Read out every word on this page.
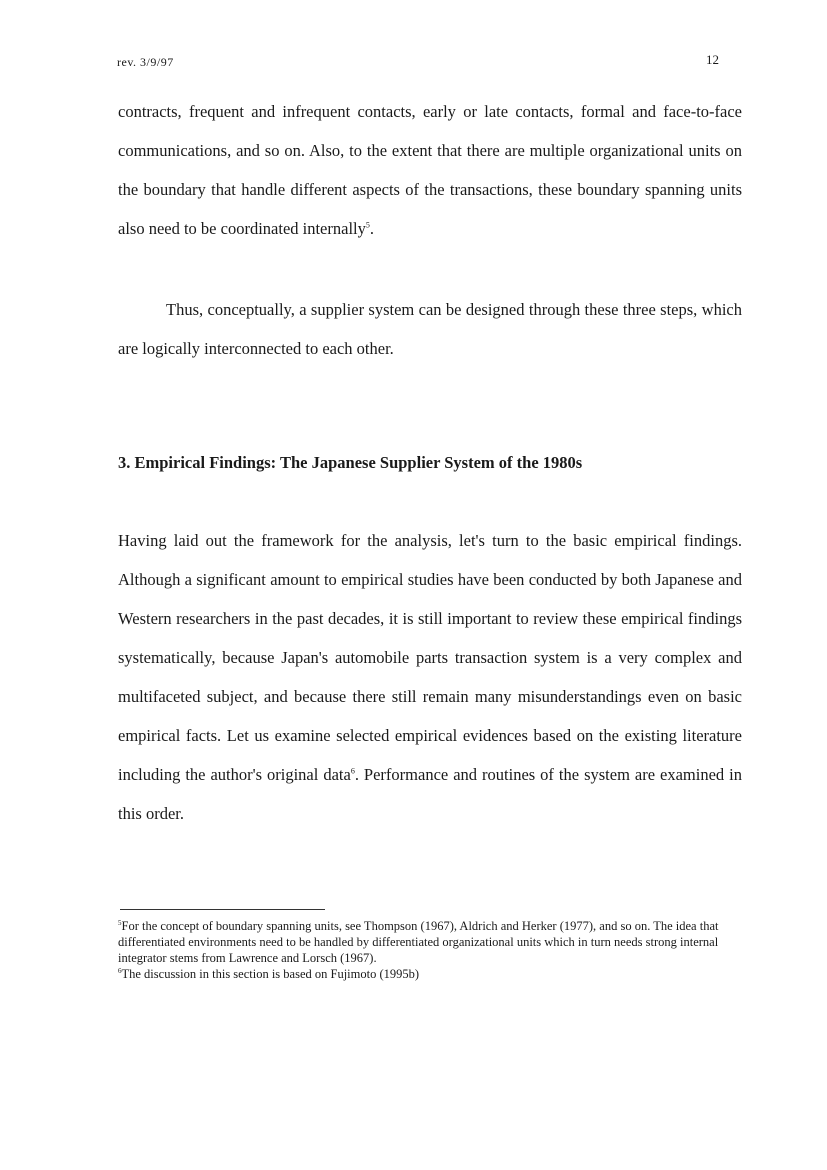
rev. 3/9/97	12

contracts, frequent and infrequent contacts, early or late contacts, formal and face-to-face communications, and so on. Also, to the extent that there are multiple organizational units on the boundary that handle different aspects of the transactions, these boundary spanning units also need to be coordinated internally$^5$.

Thus, conceptually, a supplier system can be designed through these three steps, which are logically interconnected to each other.

3. Empirical Findings: The Japanese Supplier System of the 1980s

Having laid out the framework for the analysis, let's turn to the basic empirical findings. Although a significant amount to empirical studies have been conducted by both Japanese and Western researchers in the past decades, it is still important to review these empirical findings systematically, because Japan's automobile parts transaction system is a very complex and multifaceted subject, and because there still remain many misunderstandings even on basic empirical facts. Let us examine selected empirical evidences based on the existing literature including the author's original data$^6$. Performance and routines of the system are examined in this order.

$^5$For the concept of boundary spanning units, see Thompson (1967), Aldrich and Herker (1977), and so on. The idea that differentiated environments need to be handled by differentiated organizational units which in turn needs strong internal integrator stems from Lawrence and Lorsch (1967).

$^6$The discussion in this section is based on Fujimoto (1995b)
